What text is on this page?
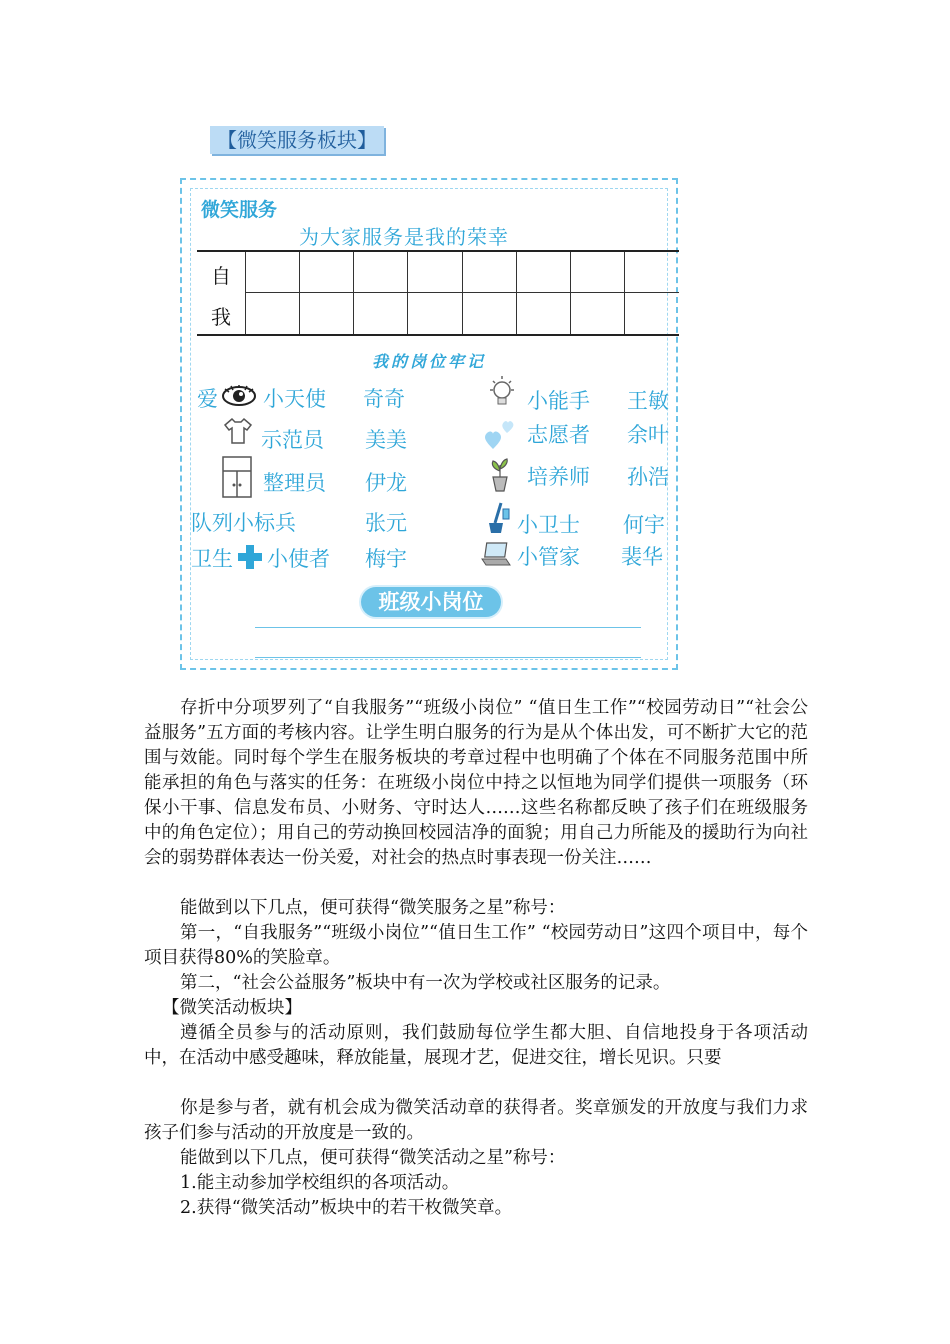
【微笑服务板块】
微笑服务
为大家服务是我的荣幸
自
我
我的岗位牢记
爱 小天使 奇奇	小能手 王敏
示范员 美美	志愿者 余叶
整理员 伊龙	培养师 孙浩
队列小标兵	张元	小卫士 何宇
卫生 小使者 梅宇	小管家 裴华
班级小岗位

存折中分项罗列了“自我服务”“班级小岗位” “值日生工作”“校园劳动日”“社会公益服务”五方面的考核内容。让学生明白服务的行为是从个体出发，可不断扩大它的范围与效能。同时每个学生在服务板块的考章过程中也明确了个体在不同服务范围中所能承担的角色与落实的任务：在班级小岗位中持之以恒地为同学们提供一项服务（环保小干事、信息发布员、小财务、守时达人……这些名称都反映了孩子们在班级服务中的角色定位）；用自己的劳动换回校园洁净的面貌；用自己力所能及的援助行为向社会的弱势群体表达一份关爱，对社会的热点时事表现一份关注……

能做到以下几点，便可获得“微笑服务之星”称号：

第一，“自我服务”“班级小岗位”“值日生工作” “校园劳动日”这四个项目中，每个项目获得80%的笑脸章。

第二，“社会公益服务”板块中有一次为学校或社区服务的记录。

【微笑活动板块】

遵循全员参与的活动原则，我们鼓励每位学生都大胆、自信地投身于各项活动中，在活动中感受趣味，释放能量，展现才艺，促进交往，增长见识。只要

你是参与者，就有机会成为微笑活动章的获得者。奖章颁发的开放度与我们力求孩子们参与活动的开放度是一致的。

能做到以下几点，便可获得“微笑活动之星”称号：

1.能主动参加学校组织的各项活动。

2.获得“微笑活动”板块中的若干枚微笑章。
